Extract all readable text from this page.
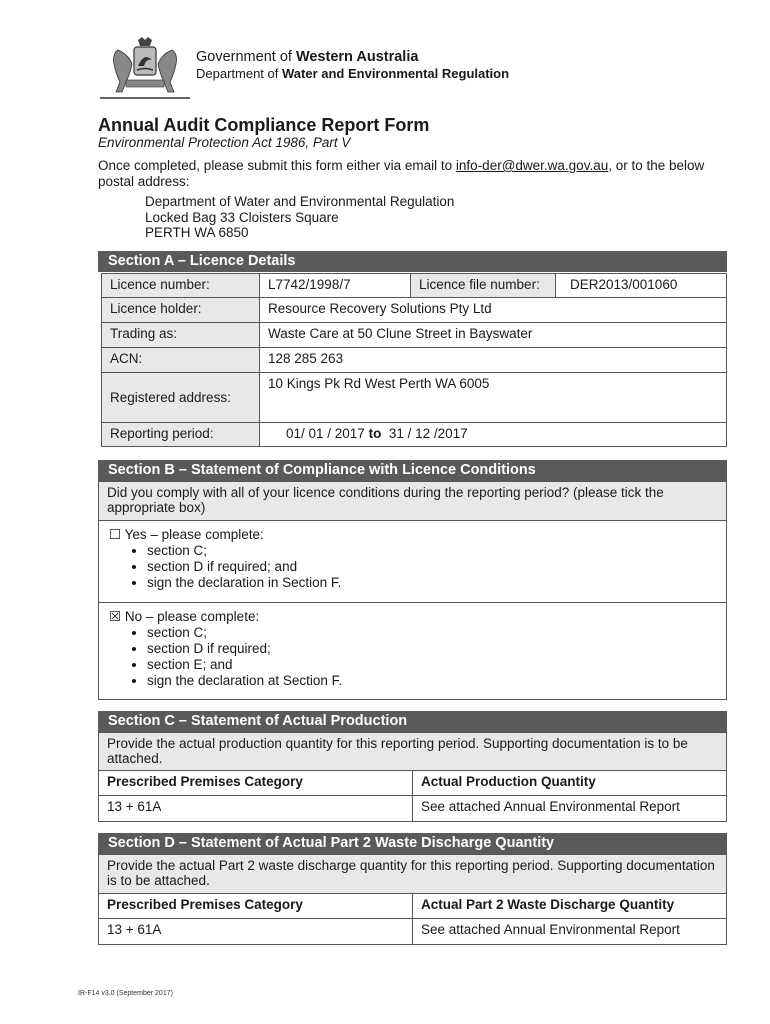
Government of Western Australia
Department of Water and Environmental Regulation
Annual Audit Compliance Report Form
Environmental Protection Act 1986, Part V
Once completed, please submit this form either via email to info-der@dwer.wa.gov.au, or to the below postal address:
Department of Water and Environmental Regulation
Locked Bag 33 Cloisters Square
PERTH WA 6850
Section A – Licence Details
Licence number:	L7742/1998/7	Licence file number:	DER2013/001060
Licence holder:	Resource Recovery Solutions Pty Ltd
Trading as:	Waste Care at 50 Clune Street in Bayswater
ACN:	128 285 263
Registered address:
10 Kings Pk Rd West Perth WA 6005
Reporting period:	01/ 01 / 2017 to 31 / 12 /2017
Section B – Statement of Compliance with Licence Conditions
Did you comply with all of your licence conditions during the reporting period? (please tick the appropriate box)
☐ Yes – please complete:
• section C;
• section D if required; and
• sign the declaration in Section F.
☒ No – please complete:
• section C;
• section D if required;
• section E; and
• sign the declaration at Section F.
Section C – Statement of Actual Production
Provide the actual production quantity for this reporting period. Supporting documentation is to be attached.
Prescribed Premises Category	Actual Production Quantity
13 + 61A	See attached Annual Environmental Report
Section D – Statement of Actual Part 2 Waste Discharge Quantity
Provide the actual Part 2 waste discharge quantity for this reporting period. Supporting documentation is to be attached.
Prescribed Premises Category	Actual Part 2 Waste Discharge Quantity
13 + 61A	See attached Annual Environmental Report
IR-F14 v3.0 (September 2017)
